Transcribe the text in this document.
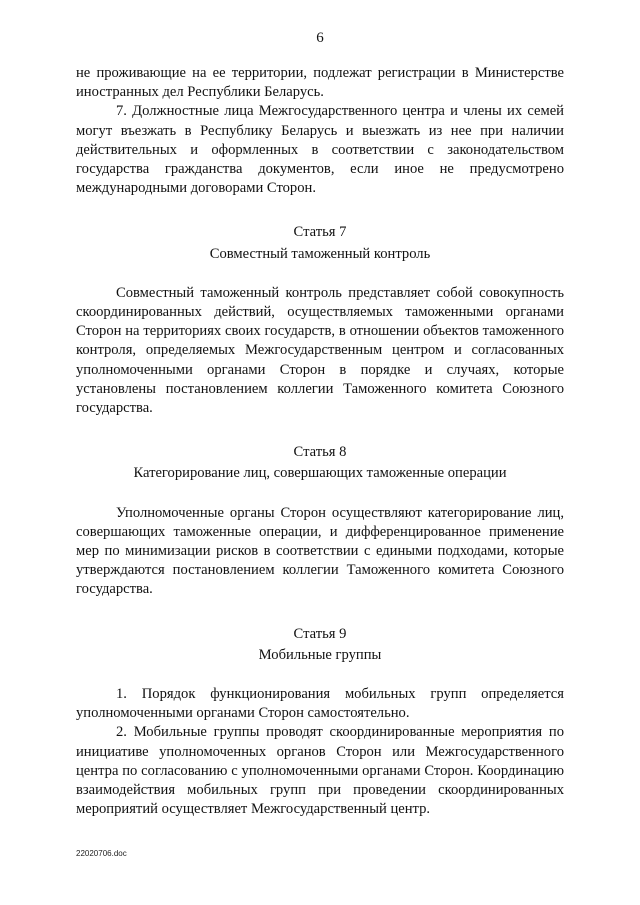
6

не проживающие на ее территории, подлежат регистрации в Министерстве иностранных дел Республики Беларусь.

7. Должностные лица Межгосударственного центра и члены их семей могут въезжать в Республику Беларусь и выезжать из нее при наличии действительных и оформленных в соответствии с законодательством государства гражданства документов, если иное не предусмотрено международными договорами Сторон.

Статья 7

Совместный таможенный контроль

Совместный таможенный контроль представляет собой совокупность скоординированных действий, осуществляемых таможенными органами Сторон на территориях своих государств, в отношении объектов таможенного контроля, определяемых Межгосударственным центром и согласованных уполномоченными органами Сторон в порядке и случаях, которые установлены постановлением коллегии Таможенного комитета Союзного государства.

Статья 8

Категорирование лиц, совершающих таможенные операции

Уполномоченные органы Сторон осуществляют категорирование лиц, совершающих таможенные операции, и дифференцированное применение мер по минимизации рисков в соответствии с едиными подходами, которые утверждаются постановлением коллегии Таможенного комитета Союзного государства.

Статья 9

Мобильные группы

1. Порядок функционирования мобильных групп определяется уполномоченными органами Сторон самостоятельно.

2. Мобильные группы проводят скоординированные мероприятия по инициативе уполномоченных органов Сторон или Межгосударственного центра по согласованию с уполномоченными органами Сторон. Координацию взаимодействия мобильных групп при проведении скоординированных мероприятий осуществляет Межгосударственный центр.

22020706.doc
